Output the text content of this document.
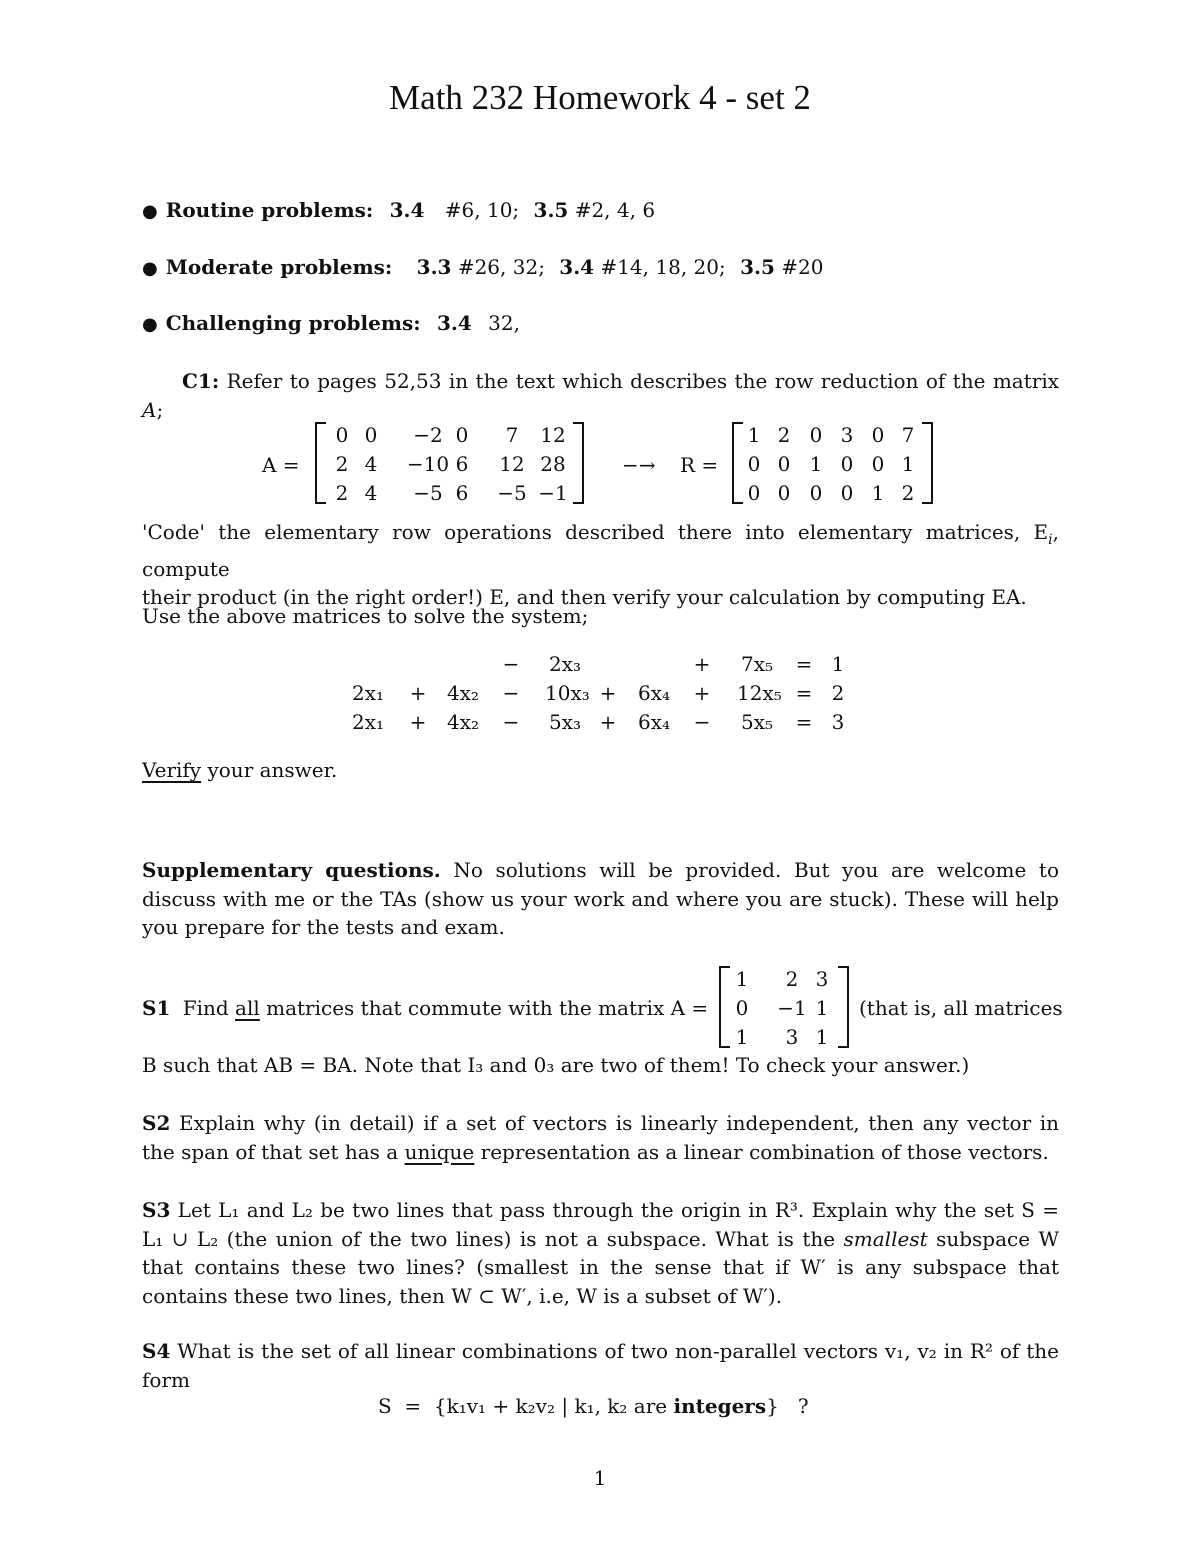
Math 232 Homework 4 - set 2
● Routine problems: 3.4 #6, 10; 3.5 #2, 4, 6
● Moderate problems: 3.3 #26, 32; 3.4 #14, 18, 20; 3.5 #20
● Challenging problems: 3.4 32,

C1: Refer to pages 52,53 in the text which describes the row reduction of the matrix A;

A =
0 0	−2 0	7	12
2 4	−10 6	12 28
2 4	−5 6	−5 −1
−→ R =
1 2 0 3 0 7
0 0 1 0 0 1
0 0 0 0 1 2

'Code' the elementary row operations described there into elementary matrices, $E_i$, compute

their product (in the right order!) E, and then verify your calculation by computing EA.

Use the above matrices to solve the system;
−	2x₃	+	7x₅	= 1
2x₁	+	4x₂	−	10x₃ +	6x₄	+	12x₅ = 2
2x₁	+	4x₂	−	5x₃ +	6x₄	−	5x₅	= 3
Verify your answer.

Supplementary questions. No solutions will be provided. But you are welcome to discuss with me or the TAs (show us your work and where you are stuck). These will help you prepare for the tests and exam.

S1 Find all matrices that commute with the matrix A =
1	2 3
0	−1 1
1	3 1
(that is, all matrices
B such that AB = BA. Note that I₃ and 0₃ are two of them! To check your answer.)

S2 Explain why (in detail) if a set of vectors is linearly independent, then any vector in the span of that set has a unique representation as a linear combination of those vectors.

S3 Let L₁ and L₂ be two lines that pass through the origin in R³. Explain why the set S = L₁ ∪ L₂ (the union of the two lines) is not a subspace. What is the smallest subspace W that contains these two lines? (smallest in the sense that if W′ is any subspace that contains these two lines, then W ⊂ W′, i.e, W is a subset of W′).

S4 What is the set of all linear combinations of two non-parallel vectors v₁, v₂ in R² of the form

S  =  {k₁v₁ + k₂v₂ | k₁, k₂ are integers}   ?
1
